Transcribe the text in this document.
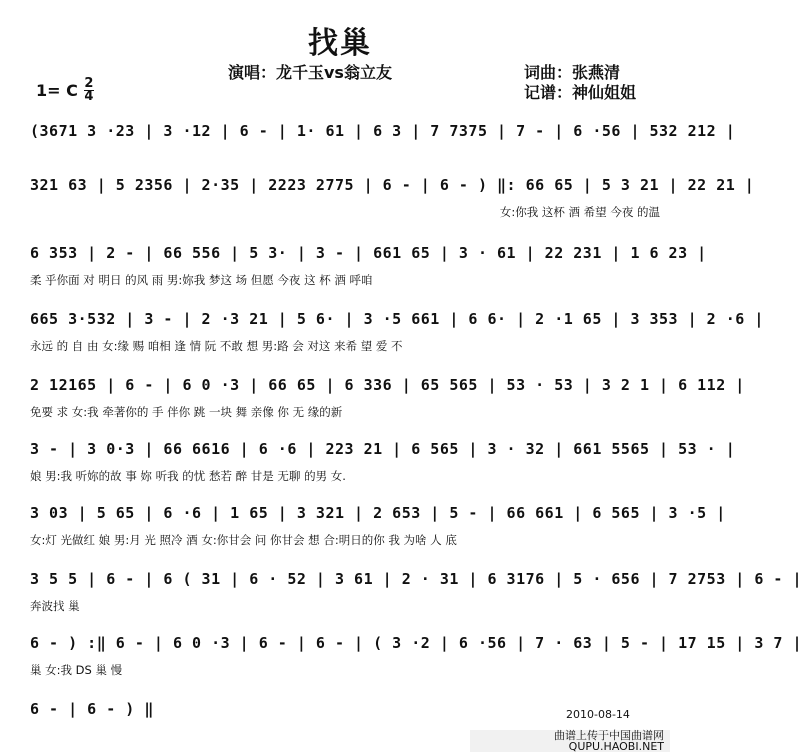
找巢
演唱：龙千玉vs翁立友	词曲：张燕清
记谱：神仙姐姐
1= C 2
4
(3671 3 ·23 | 3 ·12 | 6 - | 1· 61 | 6 3 | 7 7375 | 7 - | 6 ·56 | 532 212 |
321 63 | 5 2356 | 2·35 | 2223 2775 | 6 - | 6 - ) ‖: 66 65 | 5 3 21 | 22 21 |
女:你我 这杯 酒 希望 今夜 的温
6 353 | 2 - | 66 556 | 5 3· | 3 - | 661 65 | 3 · 61 | 22 231 | 1 6 23 |
柔 乎你面 对 明日 的风 雨 男:妳我 梦这 场 但愿 今夜 这 杯 酒 呼咱
665 3·532 | 3 - | 2 ·3 21 | 5 6· | 3 ·5 661 | 6 6· | 2 ·1 65 | 3 353 | 2 ·6 |
永远 的 自 由 女:缘 赐 咱相 逢 情 阮 不敢 想 男:路 会 对这 来希 望 爱 不
2 12165 | 6 - | 6 0 ·3 | 66 65 | 6 336 | 65 565 | 53 · 53 | 3 2 1 | 6 112 |
免要 求 女:我 牵著你的 手 伴你 跳 一块 舞 亲像 你 无 缘的新
3 - | 3 0·3 | 66 6616 | 6 ·6 | 223 21 | 6 565 | 3 · 32 | 661 5565 | 53 · |
娘 男:我 听妳的故 事 妳 听我 的忧 愁若 醉 甘是 无聊 的男 女.
3 03 | 5 65 | 6 ·6 | 1 65 | 3 321 | 2 653 | 5 - | 66 661 | 6 565 | 3 ·5 |
女:灯 光做红 娘 男:月 光 照冷 酒 女:你甘会 问 你甘会 想 合:明日的你 我 为啥 人 底
3 5 5 | 6 - | 6 ( 31 | 6 · 52 | 3 61 | 2 · 31 | 6 3176 | 5 · 656 | 7 2753 | 6 - |
奔波找 巢
6 - ) :‖ 6 - | 6 0 ·3 | 6 - | 6 - | ( 3 ·2 | 6 ·56 | 7 · 63 | 5 - | 17 15 | 3 7 |
巢 女:我 DS 巢 慢
6 - | 6 - ) ‖	2010-08-14
曲谱上传于中国曲谱网
QUPU.HAOBI.NET
